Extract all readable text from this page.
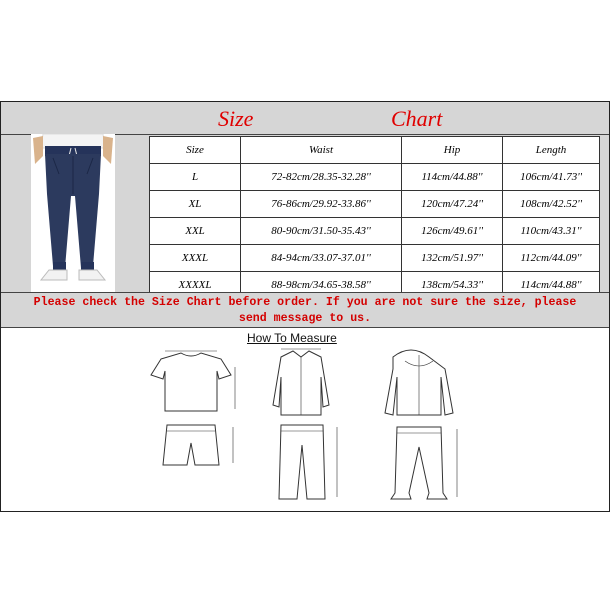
Size	Chart
Size	Waist	Hip	Length
L	72-82cm/28.35-32.28''	114cm/44.88''	106cm/41.73''
XL	76-86cm/29.92-33.86''	120cm/47.24''	108cm/42.52''
XXL	80-90cm/31.50-35.43''	126cm/49.61''	110cm/43.31''
XXXL	84-94cm/33.07-37.01''	132cm/51.97''	112cm/44.09''
XXXXL	88-98cm/34.65-38.58''	138cm/54.33''	114cm/44.88''
Please check the Size Chart before order. If you are not sure the size, please
send message to us.
How To Measure
